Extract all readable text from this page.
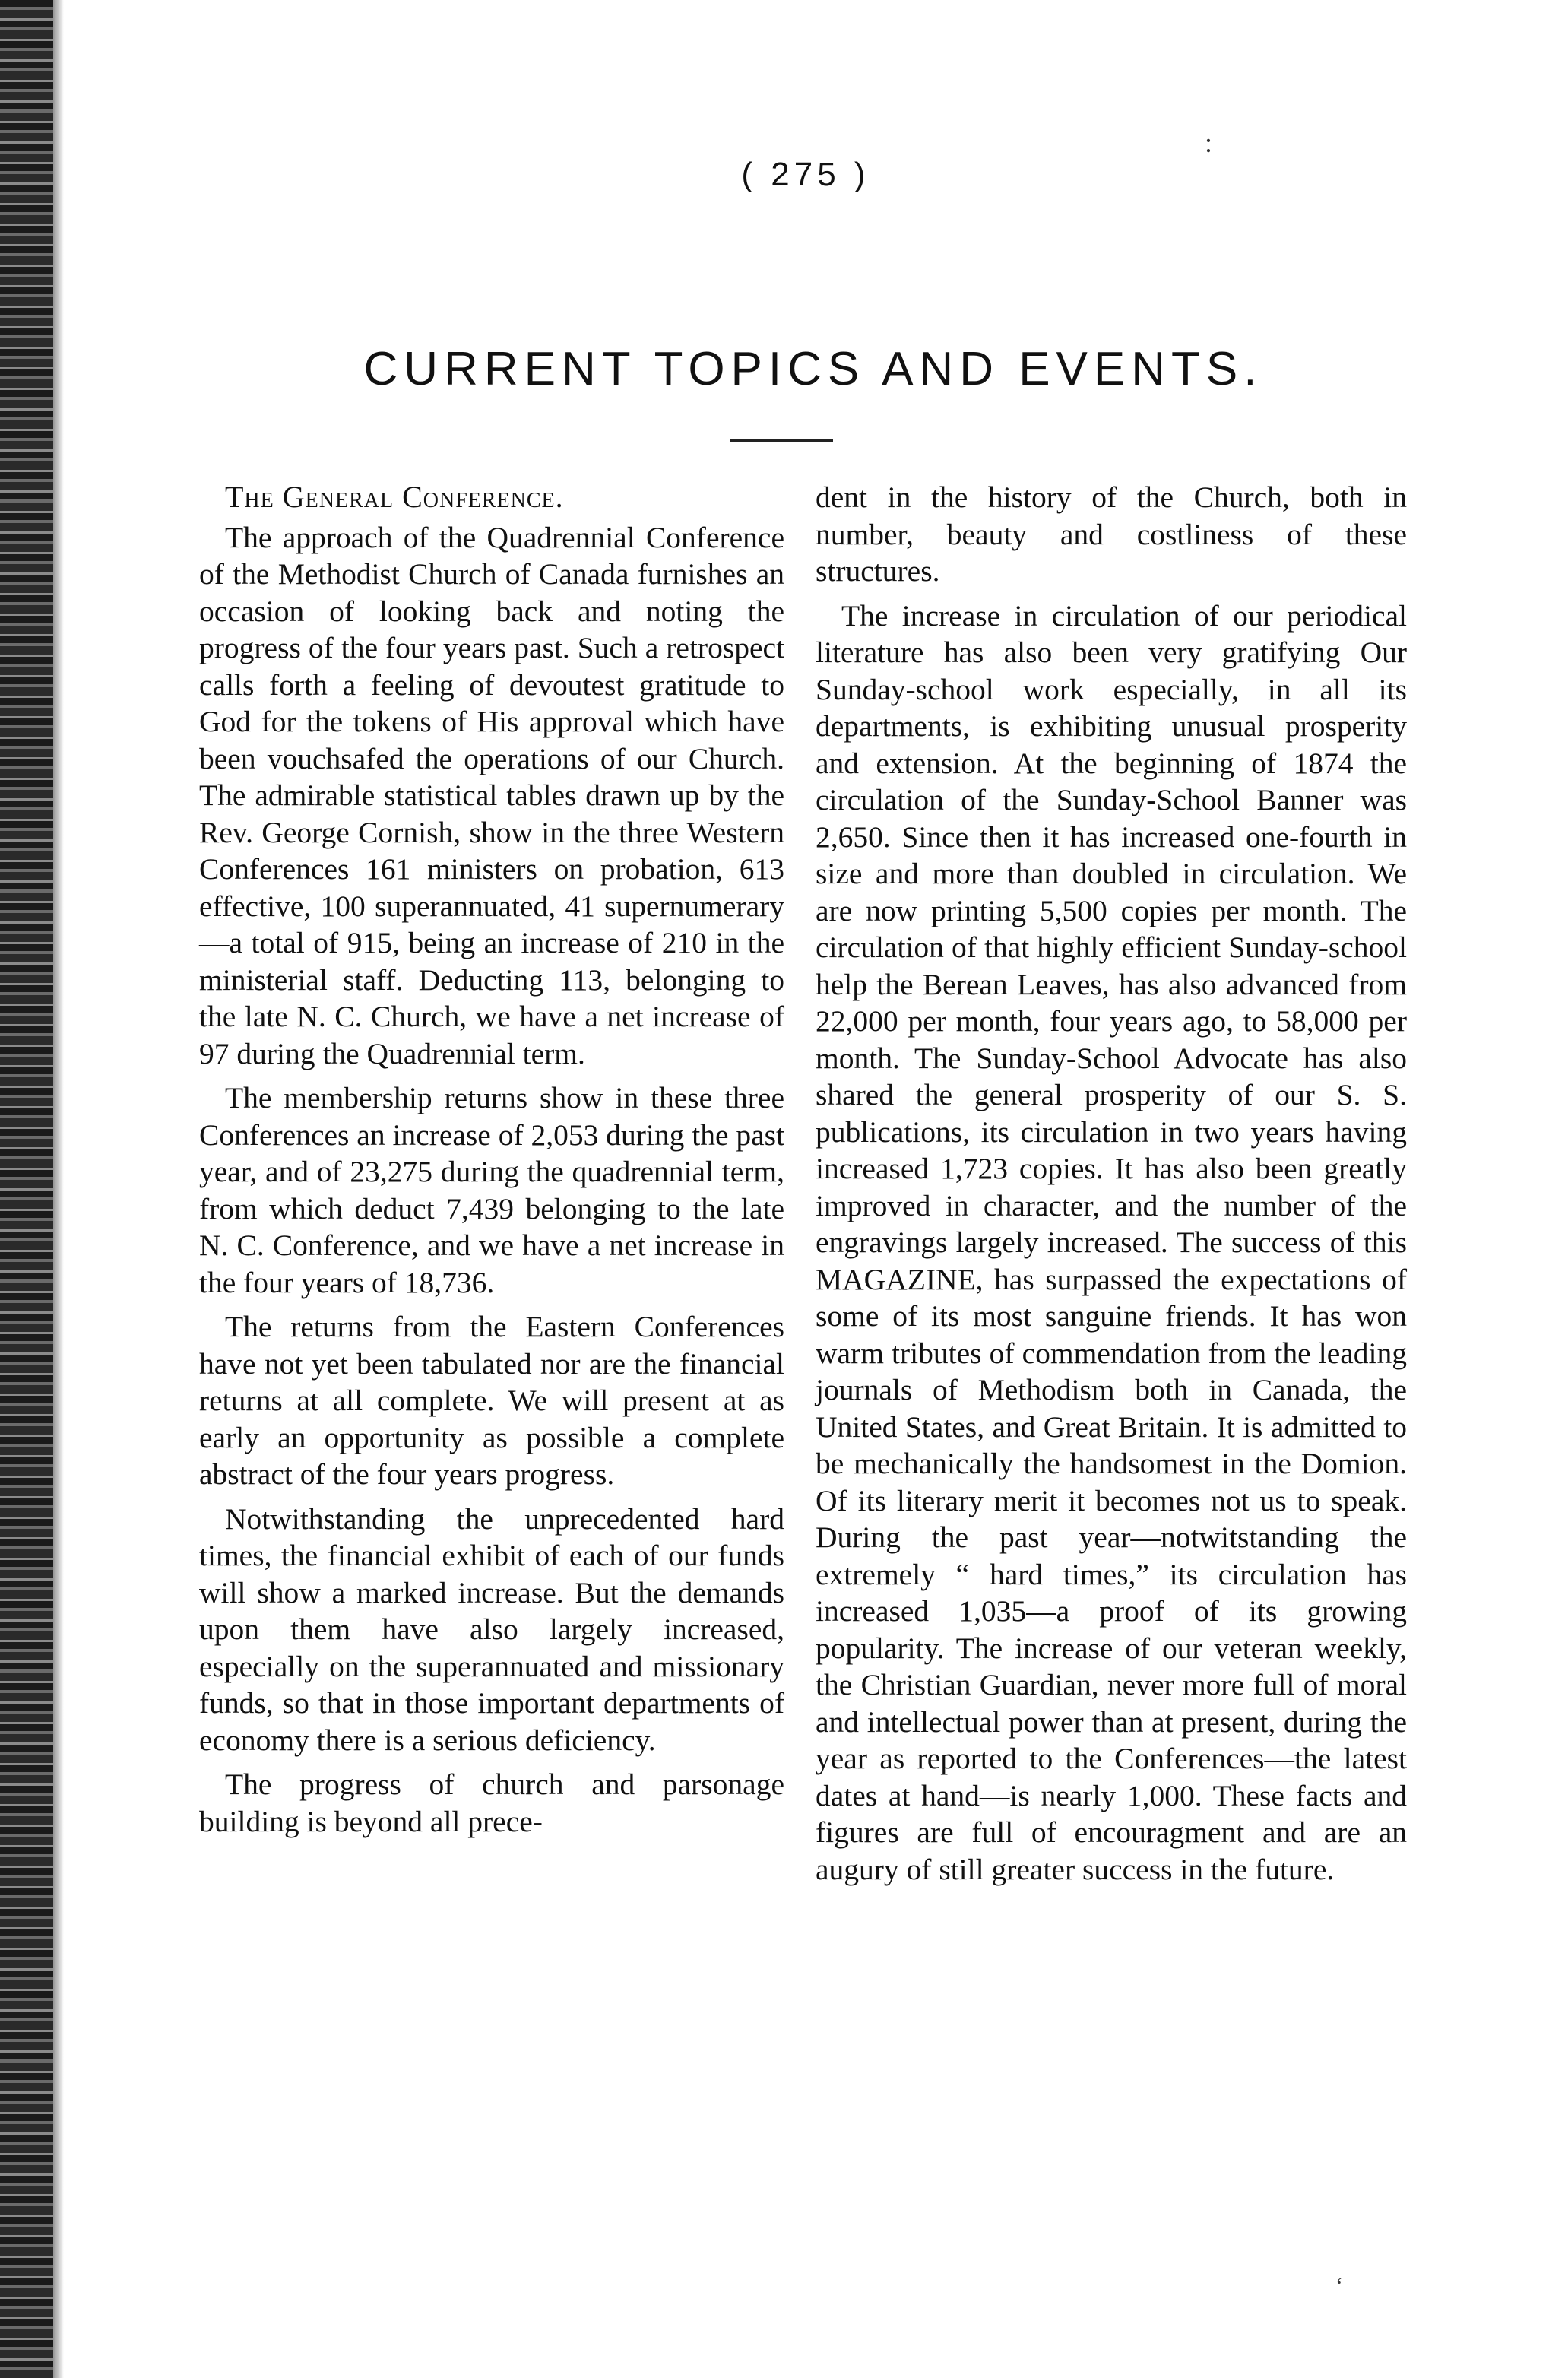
( 275 )
:
CURRENT TOPICS AND EVENTS.
The General Conference.

The approach of the Quadrennial Conference of the Methodist Church of Canada furnishes an occasion of looking back and noting the progress of the four years past. Such a retrospect calls forth a feeling of devoutest gratitude to God for the tokens of His approval which have been vouchsafed the operations of our Church. The admirable statistical tables drawn up by the Rev. George Cornish, show in the three Western Conferences 161 ministers on probation, 613 effective, 100 superannuated, 41 supernumerary—a total of 915, being an increase of 210 in the ministerial staff. Deducting 113, belonging to the late N. C. Church, we have a net increase of 97 during the Quadrennial term.

The membership returns show in these three Conferences an increase of 2,053 during the past year, and of 23,275 during the quadrennial term, from which deduct 7,439 belonging to the late N. C. Conference, and we have a net increase in the four years of 18,736.

The returns from the Eastern Conferences have not yet been tabulated nor are the financial returns at all complete. We will present at as early an opportunity as possible a complete abstract of the four years progress.

Notwithstanding the unprecedented hard times, the financial exhibit of each of our funds will show a marked increase. But the demands upon them have also largely increased, especially on the superannuated and missionary funds, so that in those important departments of economy there is a serious deficiency.

The progress of church and parsonage building is beyond all prece-

dent in the history of the Church, both in number, beauty and costliness of these structures.

The increase in circulation of our periodical literature has also been very gratifying Our Sunday-school work especially, in all its departments, is exhibiting unusual prosperity and extension. At the beginning of 1874 the circulation of the Sunday-School Banner was 2,650. Since then it has increased one-fourth in size and more than doubled in circulation. We are now printing 5,500 copies per month. The circulation of that highly efficient Sunday-school help the Berean Leaves, has also advanced from 22,000 per month, four years ago, to 58,000 per month. The Sunday-School Advocate has also shared the general prosperity of our S. S. publications, its circulation in two years having increased 1,723 copies. It has also been greatly improved in character, and the number of the engravings largely increased. The success of this MAGAZINE, has surpassed the expectations of some of its most sanguine friends. It has won warm tributes of commendation from the leading journals of Methodism both in Canada, the United States, and Great Britain. It is admitted to be mechanically the handsomest in the Domion. Of its literary merit it becomes not us to speak. During the past year—notwitstanding the extremely “ hard times,” its circulation has increased 1,035—a proof of its growing popularity. The increase of our veteran weekly, the Christian Guardian, never more full of moral and intellectual power than at present, during the year as reported to the Conferences—the latest dates at hand—is nearly 1,000. These facts and figures are full of encouragment and are an augury of still greater success in the future.

‘
